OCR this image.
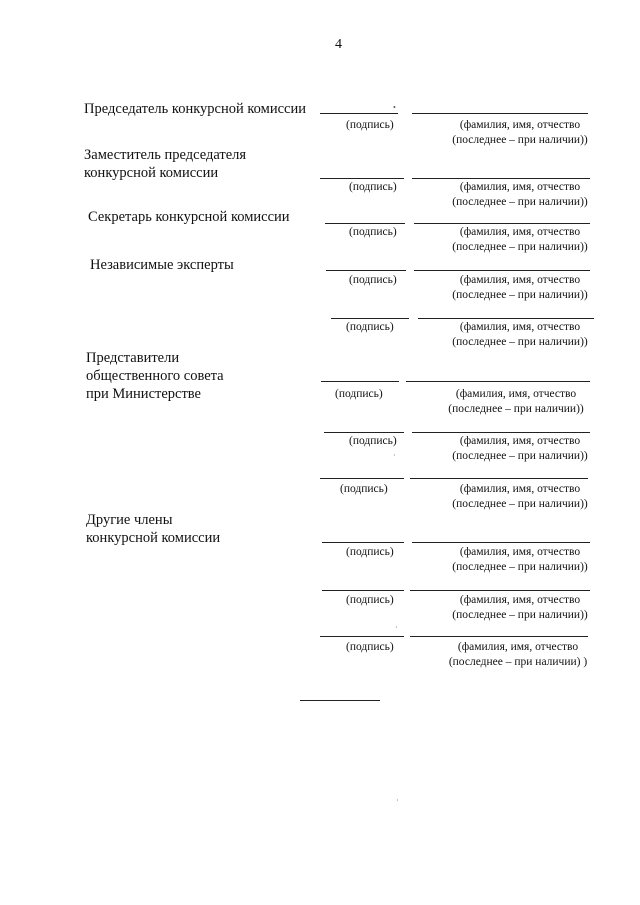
4
Председатель конкурсной комиссии
(подпись)	(фамилия, имя, отчество
(последнее – при наличии))
Заместитель председателя
конкурсной комиссии
(подпись)	(фамилия, имя, отчество
(последнее – при наличии))
Секретарь конкурсной комиссии
(подпись)	(фамилия, имя, отчество
(последнее – при наличии))
Независимые эксперты
(подпись)	(фамилия, имя, отчество
(последнее – при наличии))
(подпись)	(фамилия, имя, отчество
(последнее – при наличии))
Представители
общественного совета
при Министерстве	(подпись)	(фамилия, имя, отчество
(последнее – при наличии))
(подпись)	(фамилия, имя, отчество
(последнее – при наличии))
(подпись)	(фамилия, имя, отчество
(последнее – при наличии))
Другие члены
конкурсной комиссии
(подпись)	(фамилия, имя, отчество
(последнее – при наличии))
(подпись)	(фамилия, имя, отчество
(последнее – при наличии))
(подпись)	(фамилия, имя, отчество
(последнее – при наличии) )
•
·
·
·
